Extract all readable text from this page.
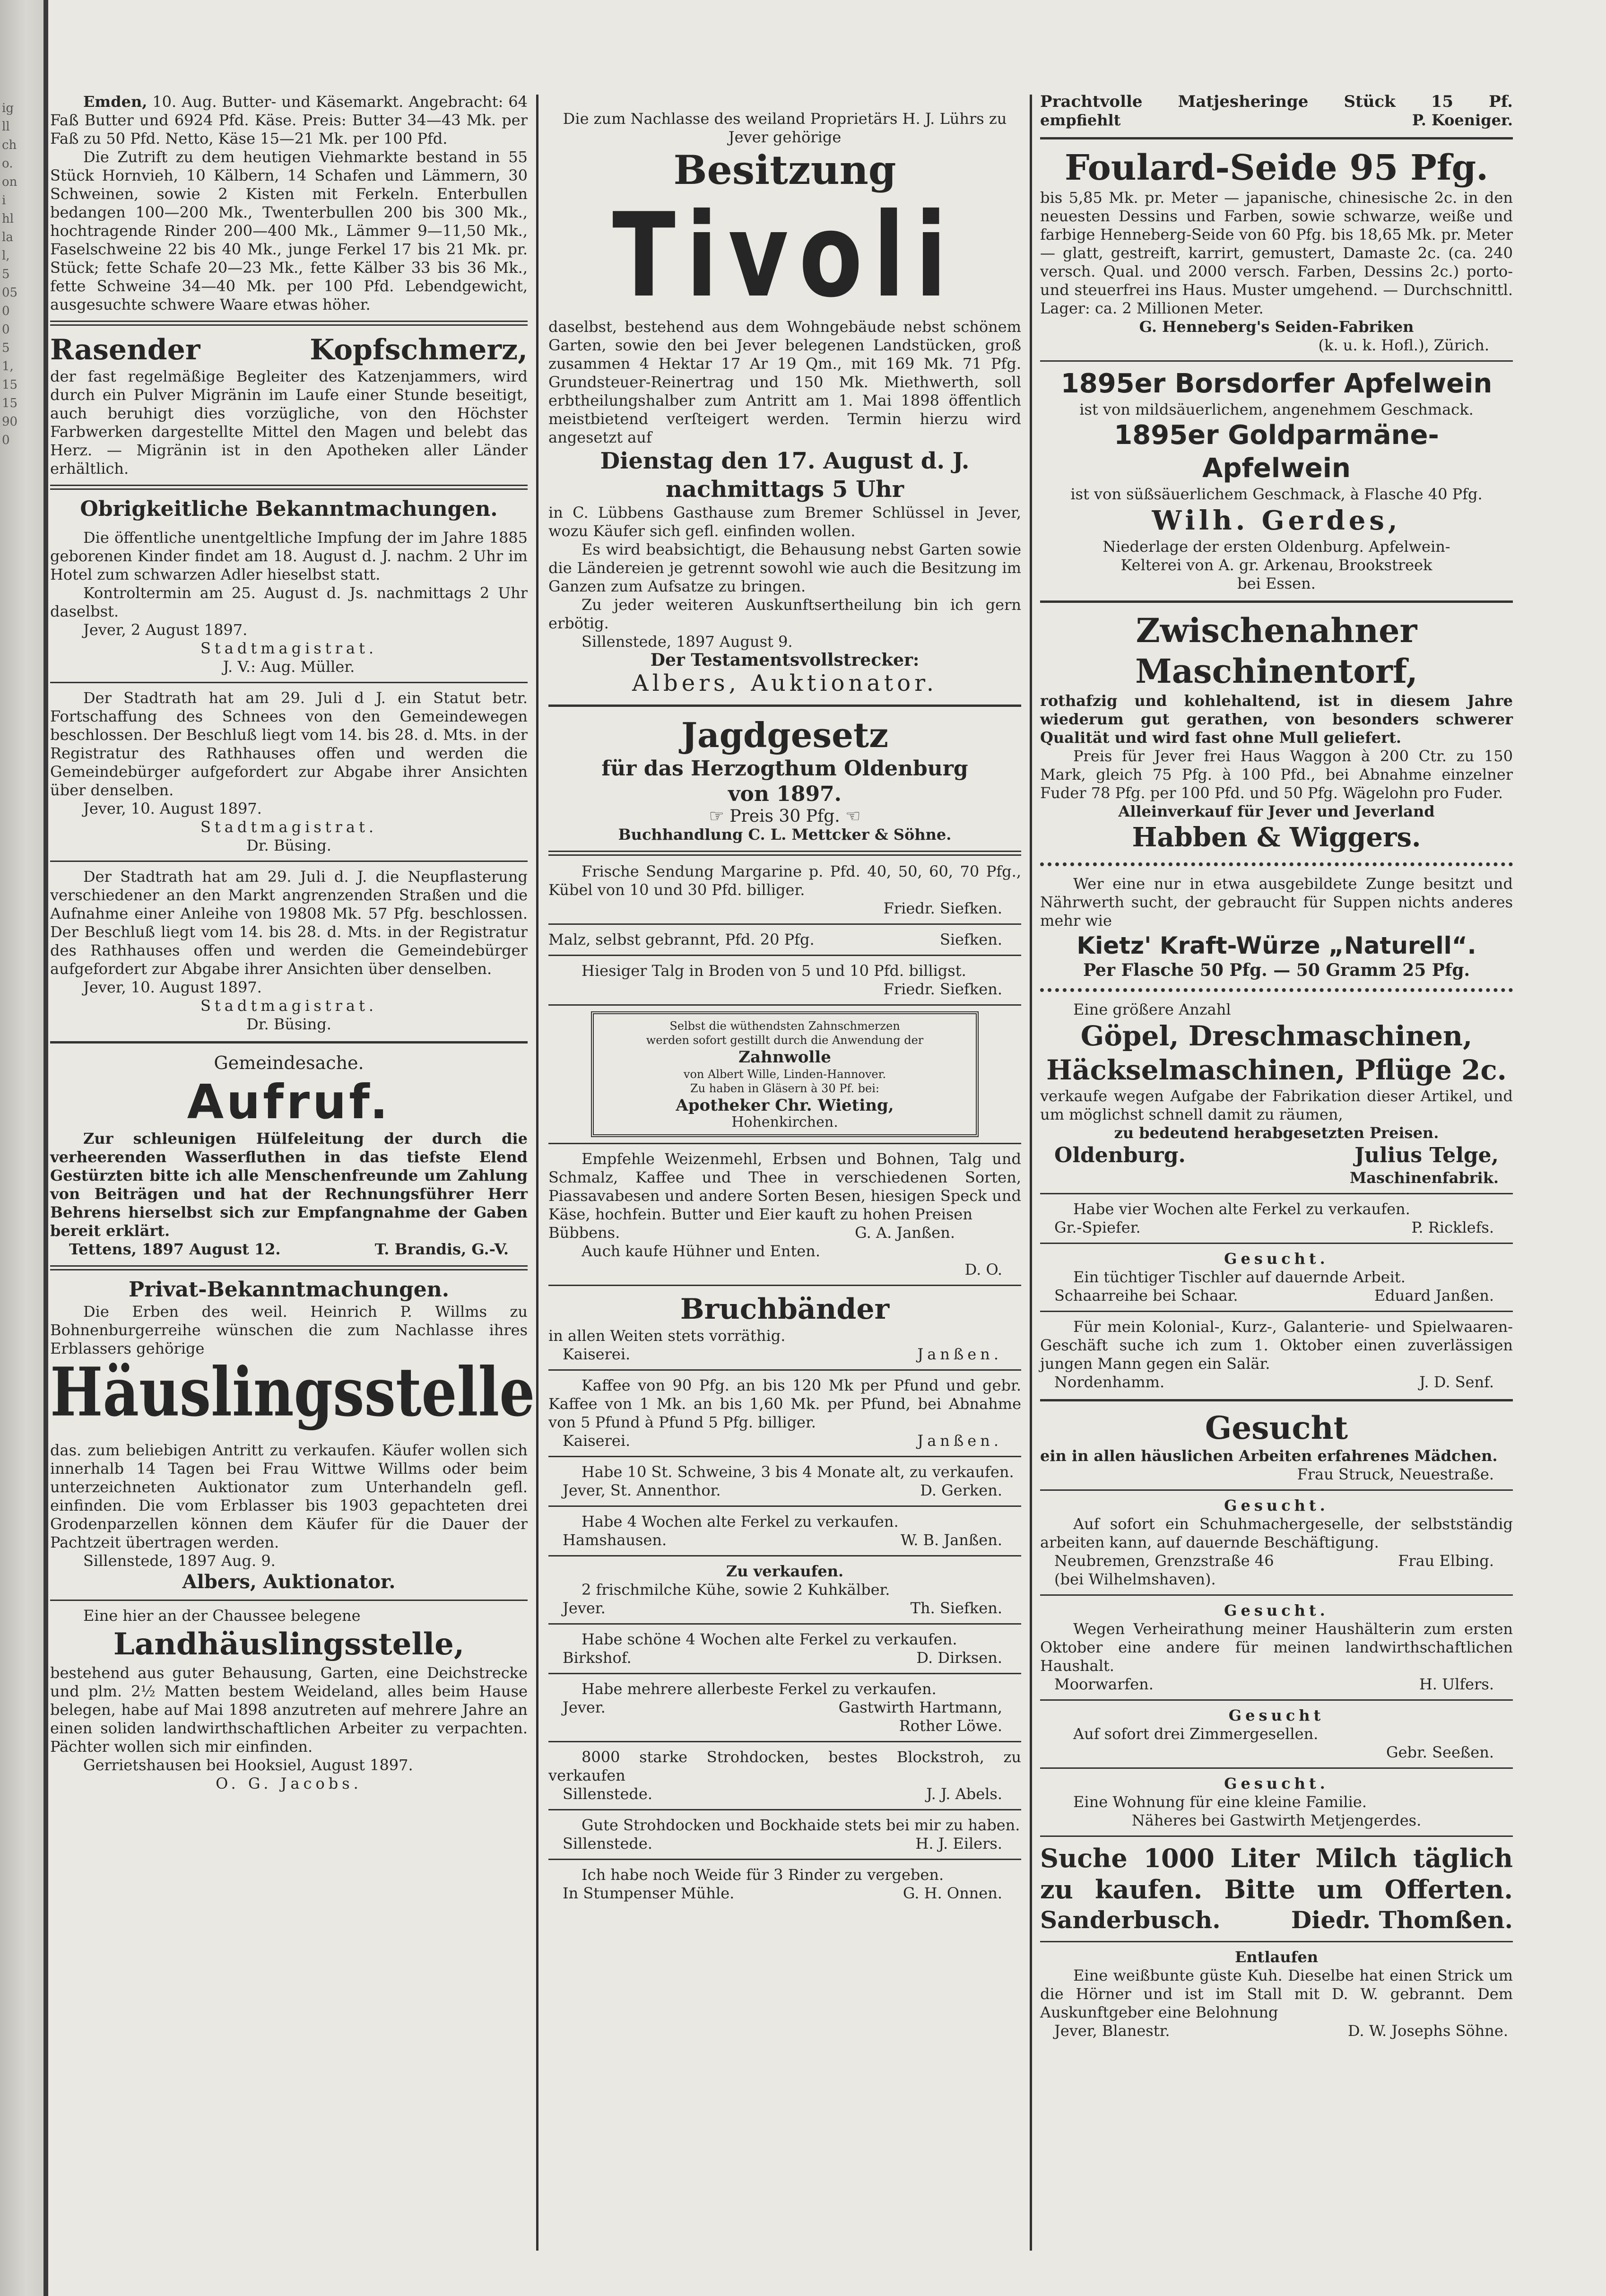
ig
ll
ch
o.
on
i
hl
la
l,
5
05
0
0
5
1,
15
15
90
0

Emden, 10. Aug. Butter- und Käsemarkt. Angebracht: 64 Faß Butter und 6924 Pfd. Käse. Preis: Butter 34—43 Mk. per Faß zu 50 Pfd. Netto, Käse 15—21 Mk. per 100 Pfd.

Die Zutrift zu dem heutigen Viehmarkte bestand in 55 Stück Hornvieh, 10 Kälbern, 14 Schafen und Lämmern, 30 Schweinen, sowie 2 Kisten mit Ferkeln. Enterbullen bedangen 100—200 Mk., Twenterbullen 200 bis 300 Mk., hochtragende Rinder 200—400 Mk., Lämmer 9—11,50 Mk., Faselschweine 22 bis 40 Mk., junge Ferkel 17 bis 21 Mk. pr. Stück; fette Schafe 20—23 Mk., fette Kälber 33 bis 36 Mk., fette Schweine 34—40 Mk. per 100 Pfd. Lebendgewicht, ausgesuchte schwere Waare etwas höher.

Rasender Kopfschmerz,

der fast regelmäßige Begleiter des Katzenjammers, wird durch ein Pulver Migränin im Laufe einer Stunde beseitigt, auch beruhigt dies vorzügliche, von den Höchster Farbwerken dargestellte Mittel den Magen und belebt das Herz. — Migränin ist in den Apotheken aller Länder erhältlich.

Obrigkeitliche Bekanntmachungen.

Die öffentliche unentgeltliche Impfung der im Jahre 1885 geborenen Kinder findet am 18. August d. J. nachm. 2 Uhr im Hotel zum schwarzen Adler hieselbst statt.

Kontroltermin am 25. August d. Js. nachmittags 2 Uhr daselbst.

Jever, 2 August 1897.

Stadtmagistrat.

J. V.: Aug. Müller.

Der Stadtrath hat am 29. Juli d J. ein Statut betr. Fortschaffung des Schnees von den Gemeindewegen beschlossen. Der Beschluß liegt vom 14. bis 28. d. Mts. in der Registratur des Rathhauses offen und werden die Gemeindebürger aufgefordert zur Abgabe ihrer Ansichten über denselben.

Jever, 10. August 1897.

Stadtmagistrat.

Dr. Büsing.

Der Stadtrath hat am 29. Juli d. J. die Neupflasterung verschiedener an den Markt angrenzenden Straßen und die Aufnahme einer Anleihe von 19808 Mk. 57 Pfg. beschlossen. Der Beschluß liegt vom 14. bis 28. d. Mts. in der Registratur des Rathhauses offen und werden die Gemeindebürger aufgefordert zur Abgabe ihrer Ansichten über denselben.

Jever, 10. August 1897.

Stadtmagistrat.

Dr. Büsing.

Gemeindesache.

Aufruf.

Zur schleunigen Hülfeleitung der durch die verheerenden Wasserfluthen in das tiefste Elend Gestürzten bitte ich alle Menschenfreunde um Zahlung von Beiträgen und hat der Rechnungsführer Herr Behrens hierselbst sich zur Empfangnahme der Gaben bereit erklärt.

Tettens, 1897 August 12.	T. Brandis, G.-V.

Privat-Bekanntmachungen.

Die Erben des weil. Heinrich P. Willms zu Bohnenburgerreihe wünschen die zum Nachlasse ihres Erblassers gehörige

Häuslingsstelle

das. zum beliebigen Antritt zu verkaufen. Käufer wollen sich innerhalb 14 Tagen bei Frau Wittwe Willms oder beim unterzeichneten Auktionator zum Unterhandeln gefl. einfinden. Die vom Erblasser bis 1903 gepachteten drei Grodenparzellen können dem Käufer für die Dauer der Pachtzeit übertragen werden.

Sillenstede, 1897 Aug. 9.

Albers, Auktionator.

Eine hier an der Chaussee belegene

Landhäuslingsstelle,

bestehend aus guter Behausung, Garten, eine Deichstrecke und plm. 2½ Matten bestem Weideland, alles beim Hause belegen, habe auf Mai 1898 anzutreten auf mehrere Jahre an einen soliden landwirthschaftlichen Arbeiter zu verpachten. Pächter wollen sich mir einfinden.

Gerrietshausen bei Hooksiel, August 1897.

O. G. Jacobs.

Die zum Nachlasse des weiland Proprietärs H. J. Lührs zu Jever gehörige

Besitzung

Tivoli

daselbst, bestehend aus dem Wohngebäude nebst schönem Garten, sowie den bei Jever belegenen Landstücken, groß zusammen 4 Hektar 17 Ar 19 Qm., mit 169 Mk. 71 Pfg. Grundsteuer-Reinertrag und 150 Mk. Miethwerth, soll erbtheilungshalber zum Antritt am 1. Mai 1898 öffentlich meistbietend verſteigert werden. Termin hierzu wird angesetzt auf

Dienstag den 17. August d. J.

nachmittags 5 Uhr

in C. Lübbens Gasthause zum Bremer Schlüssel in Jever, wozu Käufer sich gefl. einfinden wollen.

Es wird beabsichtigt, die Behausung nebst Garten sowie die Ländereien je getrennt sowohl wie auch die Besitzung im Ganzen zum Aufsatze zu bringen.

Zu jeder weiteren Auskunftsertheilung bin ich gern erbötig.

Sillenstede, 1897 August 9.

Der Testamentsvollstrecker:

Albers, Auktionator.

Jagdgesetz

für das Herzogthum Oldenburg

von 1897.

☞ Preis 30 Pfg. ☜

Buchhandlung C. L. Mettcker & Söhne.

Frische Sendung Margarine p. Pfd. 40, 50, 60, 70 Pfg., Kübel von 10 und 30 Pfd. billiger.

Friedr. Siefken.

Malz, selbst gebrannt, Pfd. 20 Pfg.	Siefken.

Hiesiger Talg in Broden von 5 und 10 Pfd. billigst.

Friedr. Siefken.

Selbst die wüthendsten Zahnschmerzen

werden sofort gestillt durch die Anwendung der

Zahnwolle

von Albert Wille, Linden-Hannover.

Zu haben in Gläsern à 30 Pf. bei:

Apotheker Chr. Wieting,

Hohenkirchen.

Empfehle Weizenmehl, Erbsen und Bohnen, Talg und Schmalz, Kaffee und Thee in verschiedenen Sorten, Piassavabesen und andere Sorten Besen, hiesigen Speck und Käse, hochfein. Butter und Eier kauft zu hohen Preisen

Bübbens.	G. A. Janßen.

Auch kaufe Hühner und Enten.

D. O.

Bruchbänder

in allen Weiten stets vorräthig.

Kaiserei.	Janßen.

Kaffee von 90 Pfg. an bis 120 Mk per Pfund und gebr. Kaffee von 1 Mk. an bis 1,60 Mk. per Pfund, bei Abnahme von 5 Pfund à Pfund 5 Pfg. billiger.

Kaiserei.	Janßen.

Habe 10 St. Schweine, 3 bis 4 Monate alt, zu verkaufen.

Jever, St. Annenthor.	D. Gerken.

Habe 4 Wochen alte Ferkel zu verkaufen.

Hamshausen.	W. B. Janßen.

Zu verkaufen.

2 frischmilche Kühe, sowie 2 Kuhkälber.

Jever.	Th. Siefken.

Habe schöne 4 Wochen alte Ferkel zu verkaufen.

Birkshof.	D. Dirksen.

Habe mehrere allerbeste Ferkel zu verkaufen.

Jever.	Gastwirth Hartmann,

Rother Löwe.

8000 starke Strohdocken, bestes Blockstroh, zu verkaufen

Sillenstede.	J. J. Abels.

Gute Strohdocken und Bockhaide stets bei mir zu haben.

Sillenstede.	H. J. Eilers.

Ich habe noch Weide für 3 Rinder zu vergeben.

In Stumpenser Mühle.	G. H. Onnen.

Prachtvolle Matjesheringe Stück 15 Pf.

empfiehlt	P. Koeniger.

Foulard-Seide 95 Pfg.

bis 5,85 Mk. pr. Meter — japanische, chinesische 2c. in den neuesten Dessins und Farben, sowie schwarze, weiße und farbige Henneberg-Seide von 60 Pfg. bis 18,65 Mk. pr. Meter — glatt, gestreift, karrirt, gemustert, Damaste 2c. (ca. 240 versch. Qual. und 2000 versch. Farben, Dessins 2c.) porto- und steuerfrei ins Haus. Muster umgehend. — Durchschnittl. Lager: ca. 2 Millionen Meter.

G. Henneberg's Seiden-Fabriken

(k. u. k. Hofl.), Zürich.

1895er Borsdorfer Apfelwein

ist von mildsäuerlichem, angenehmem Geschmack.

1895er Goldparmäne-Apfelwein

ist von süßsäuerlichem Geschmack, à Flasche 40 Pfg.

Wilh. Gerdes,

Niederlage der ersten Oldenburg. Apfelwein-

Kelterei von A. gr. Arkenau, Brookstreek

bei Essen.

Zwischenahner

Maschinentorf,

rothafzig und kohlehaltend, ist in diesem Jahre wiederum gut gerathen, von besonders schwerer Qualität und wird fast ohne Mull geliefert.

Preis für Jever frei Haus Waggon à 200 Ctr. zu 150 Mark, gleich 75 Pfg. à 100 Pfd., bei Abnahme einzelner Fuder 78 Pfg. per 100 Pfd. und 50 Pfg. Wägelohn pro Fuder.

Alleinverkauf für Jever und Jeverland

Habben & Wiggers.

Wer eine nur in etwa ausgebildete Zunge besitzt und Nährwerth sucht, der gebraucht für Suppen nichts anderes mehr wie

Kietz' Kraft-Würze „Naturell“.

Per Flasche 50 Pfg. — 50 Gramm 25 Pfg.

Eine größere Anzahl

Göpel, Dreschmaschinen,

Häckselmaschinen, Pflüge 2c.

verkaufe wegen Aufgabe der Fabrikation dieser Artikel, und um möglichst schnell damit zu räumen,

zu bedeutend herabgesetzten Preisen.

Oldenburg.	Julius Telge,

Maschinenfabrik.

Habe vier Wochen alte Ferkel zu verkaufen.

Gr.-Spiefer.	P. Ricklefs.

Gesucht.

Ein tüchtiger Tischler auf dauernde Arbeit.

Schaarreihe bei Schaar.	Eduard Janßen.

Für mein Kolonial-, Kurz-, Galanterie- und Spielwaaren-Geschäft suche ich zum 1. Oktober einen zuverlässigen jungen Mann gegen ein Salär.

Nordenhamm.	J. D. Senf.

Gesucht

ein in allen häuslichen Arbeiten erfahrenes Mädchen.

Frau Struck, Neuestraße.

Gesucht.

Auf sofort ein Schuhmachergeselle, der selbstständig arbeiten kann, auf dauernde Beschäftigung.

Neubremen, Grenzstraße 46	Frau Elbing.

(bei Wilhelmshaven).

Gesucht.

Wegen Verheirathung meiner Haushälterin zum ersten Oktober eine andere für meinen landwirthschaftlichen Haushalt.

Moorwarfen.	H. Ulfers.

Gesucht

Auf sofort drei Zimmergesellen.

Gebr. Seeßen.

Gesucht.

Eine Wohnung für eine kleine Familie.

Näheres bei Gastwirth Metjengerdes.

Suche 1000 Liter Milch täglich zu kaufen. Bitte um Offerten.

Sanderbusch.	Diedr. Thomßen.

Entlaufen

Eine weißbunte güste Kuh. Dieselbe hat einen Strick um die Hörner und ist im Stall mit D. W. gebrannt. Dem Auskunftgeber eine Belohnung

Jever, Blanestr.	D. W. Josephs Söhne.
